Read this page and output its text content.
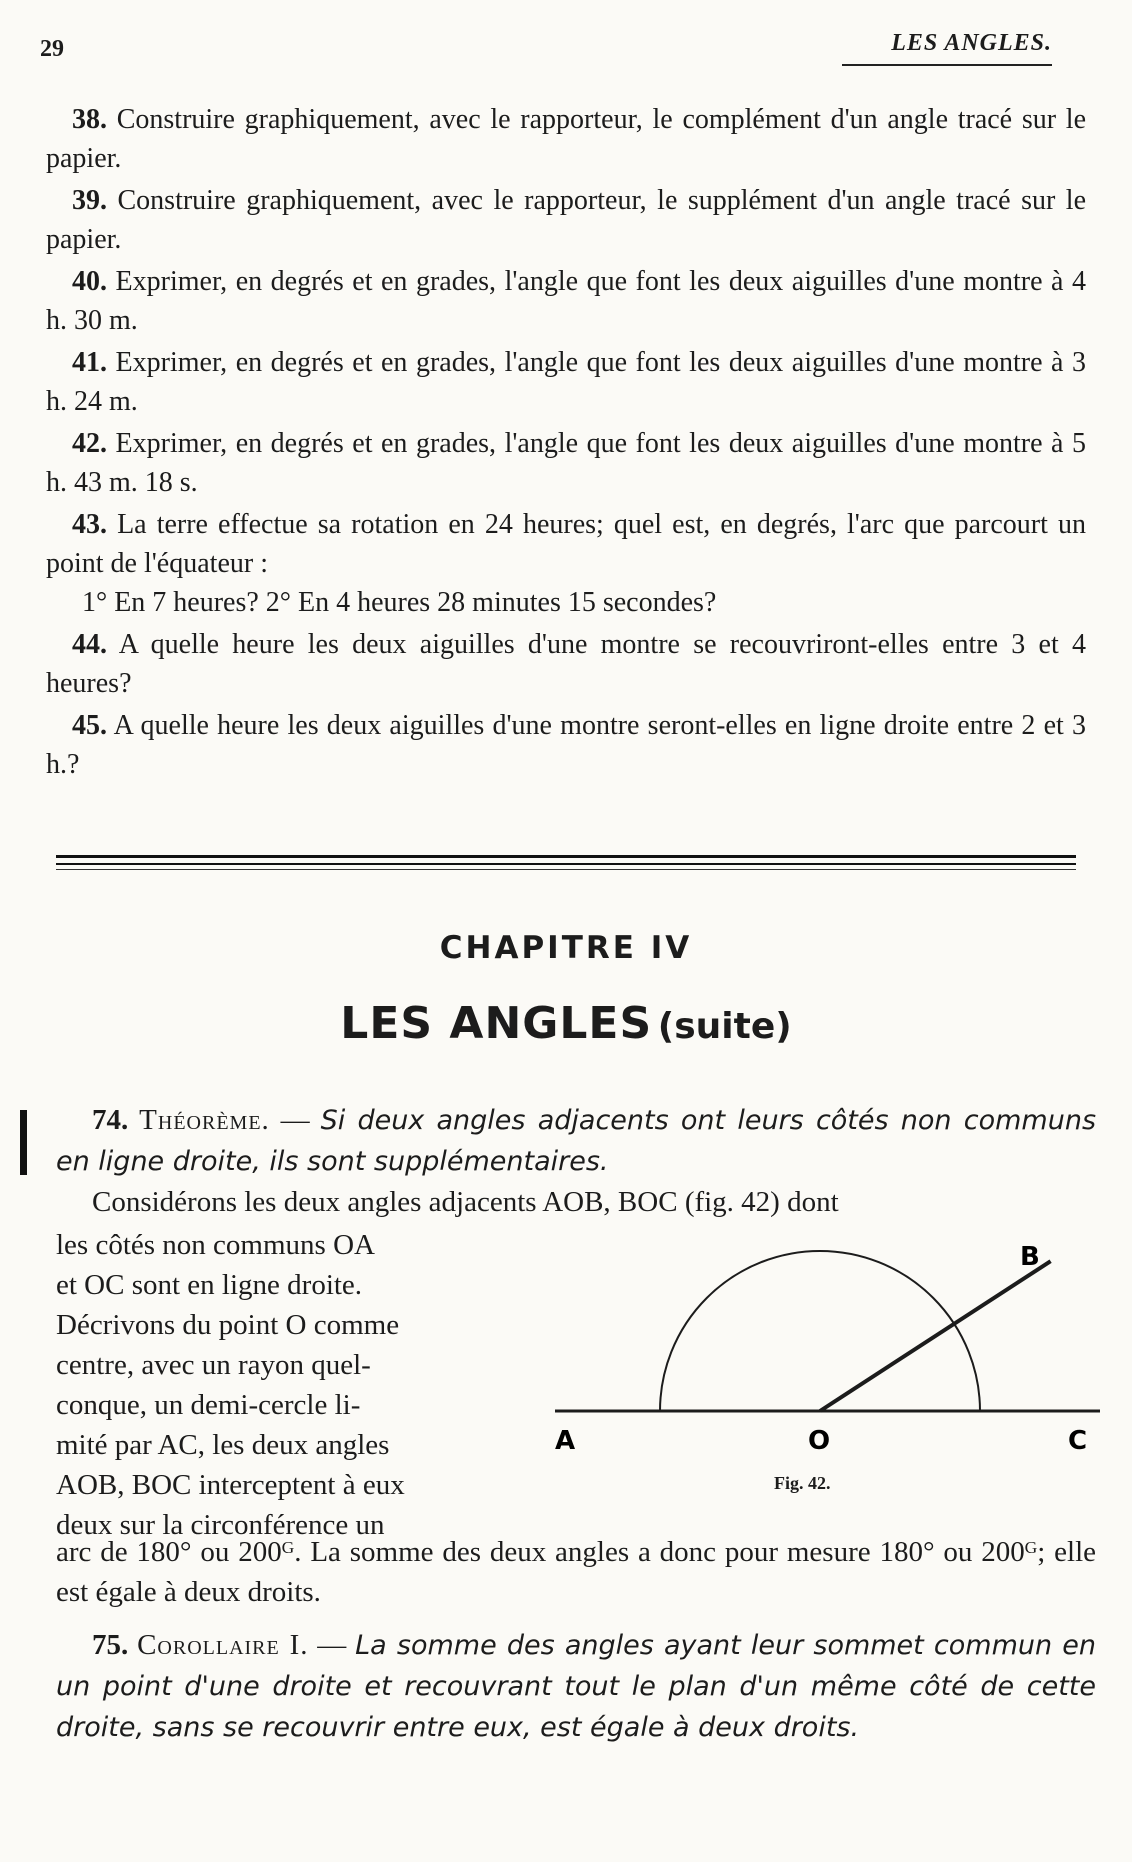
29	LES ANGLES.

38. Construire graphiquement, avec le rapporteur, le complément d'un angle tracé sur le papier.

39. Construire graphiquement, avec le rapporteur, le supplément d'un angle tracé sur le papier.

40. Exprimer, en degrés et en grades, l'angle que font les deux aiguilles d'une montre à 4 h. 30 m.

41. Exprimer, en degrés et en grades, l'angle que font les deux aiguilles d'une montre à 3 h. 24 m.

42. Exprimer, en degrés et en grades, l'angle que font les deux aiguilles d'une montre à 5 h. 43 m. 18 s.

43. La terre effectue sa rotation en 24 heures; quel est, en degrés, l'arc que parcourt un point de l'équateur :
1° En 7 heures? 2° En 4 heures 28 minutes 15 secondes?

44. A quelle heure les deux aiguilles d'une montre se recouvriront-elles entre 3 et 4 heures?

45. A quelle heure les deux aiguilles d'une montre seront-elles en ligne droite entre 2 et 3 h.?

CHAPITRE IV
LES ANGLES (suite)

74. Théorème. — Si deux angles adjacents ont leurs côtés non communs en ligne droite, ils sont supplémentaires.

Considérons les deux angles adjacents AOB, BOC (fig. 42) dont

les côtés non communs OA
et OC sont en ligne droite.
Décrivons du point O comme
centre, avec un rayon quel-
conque, un demi-cercle li-
mité par AC, les deux angles
AOB, BOC interceptent à eux
deux sur la circonférence un
A	O	C
B
Fig. 42.
arc de 180° ou 200ᴳ. La somme des deux angles a donc pour mesure 180° ou 200ᴳ; elle est égale à deux droits.

75. Corollaire I. — La somme des angles ayant leur sommet commun en un point d'une droite et recouvrant tout le plan d'un même côté de cette droite, sans se recouvrir entre eux, est égale à deux droits.
